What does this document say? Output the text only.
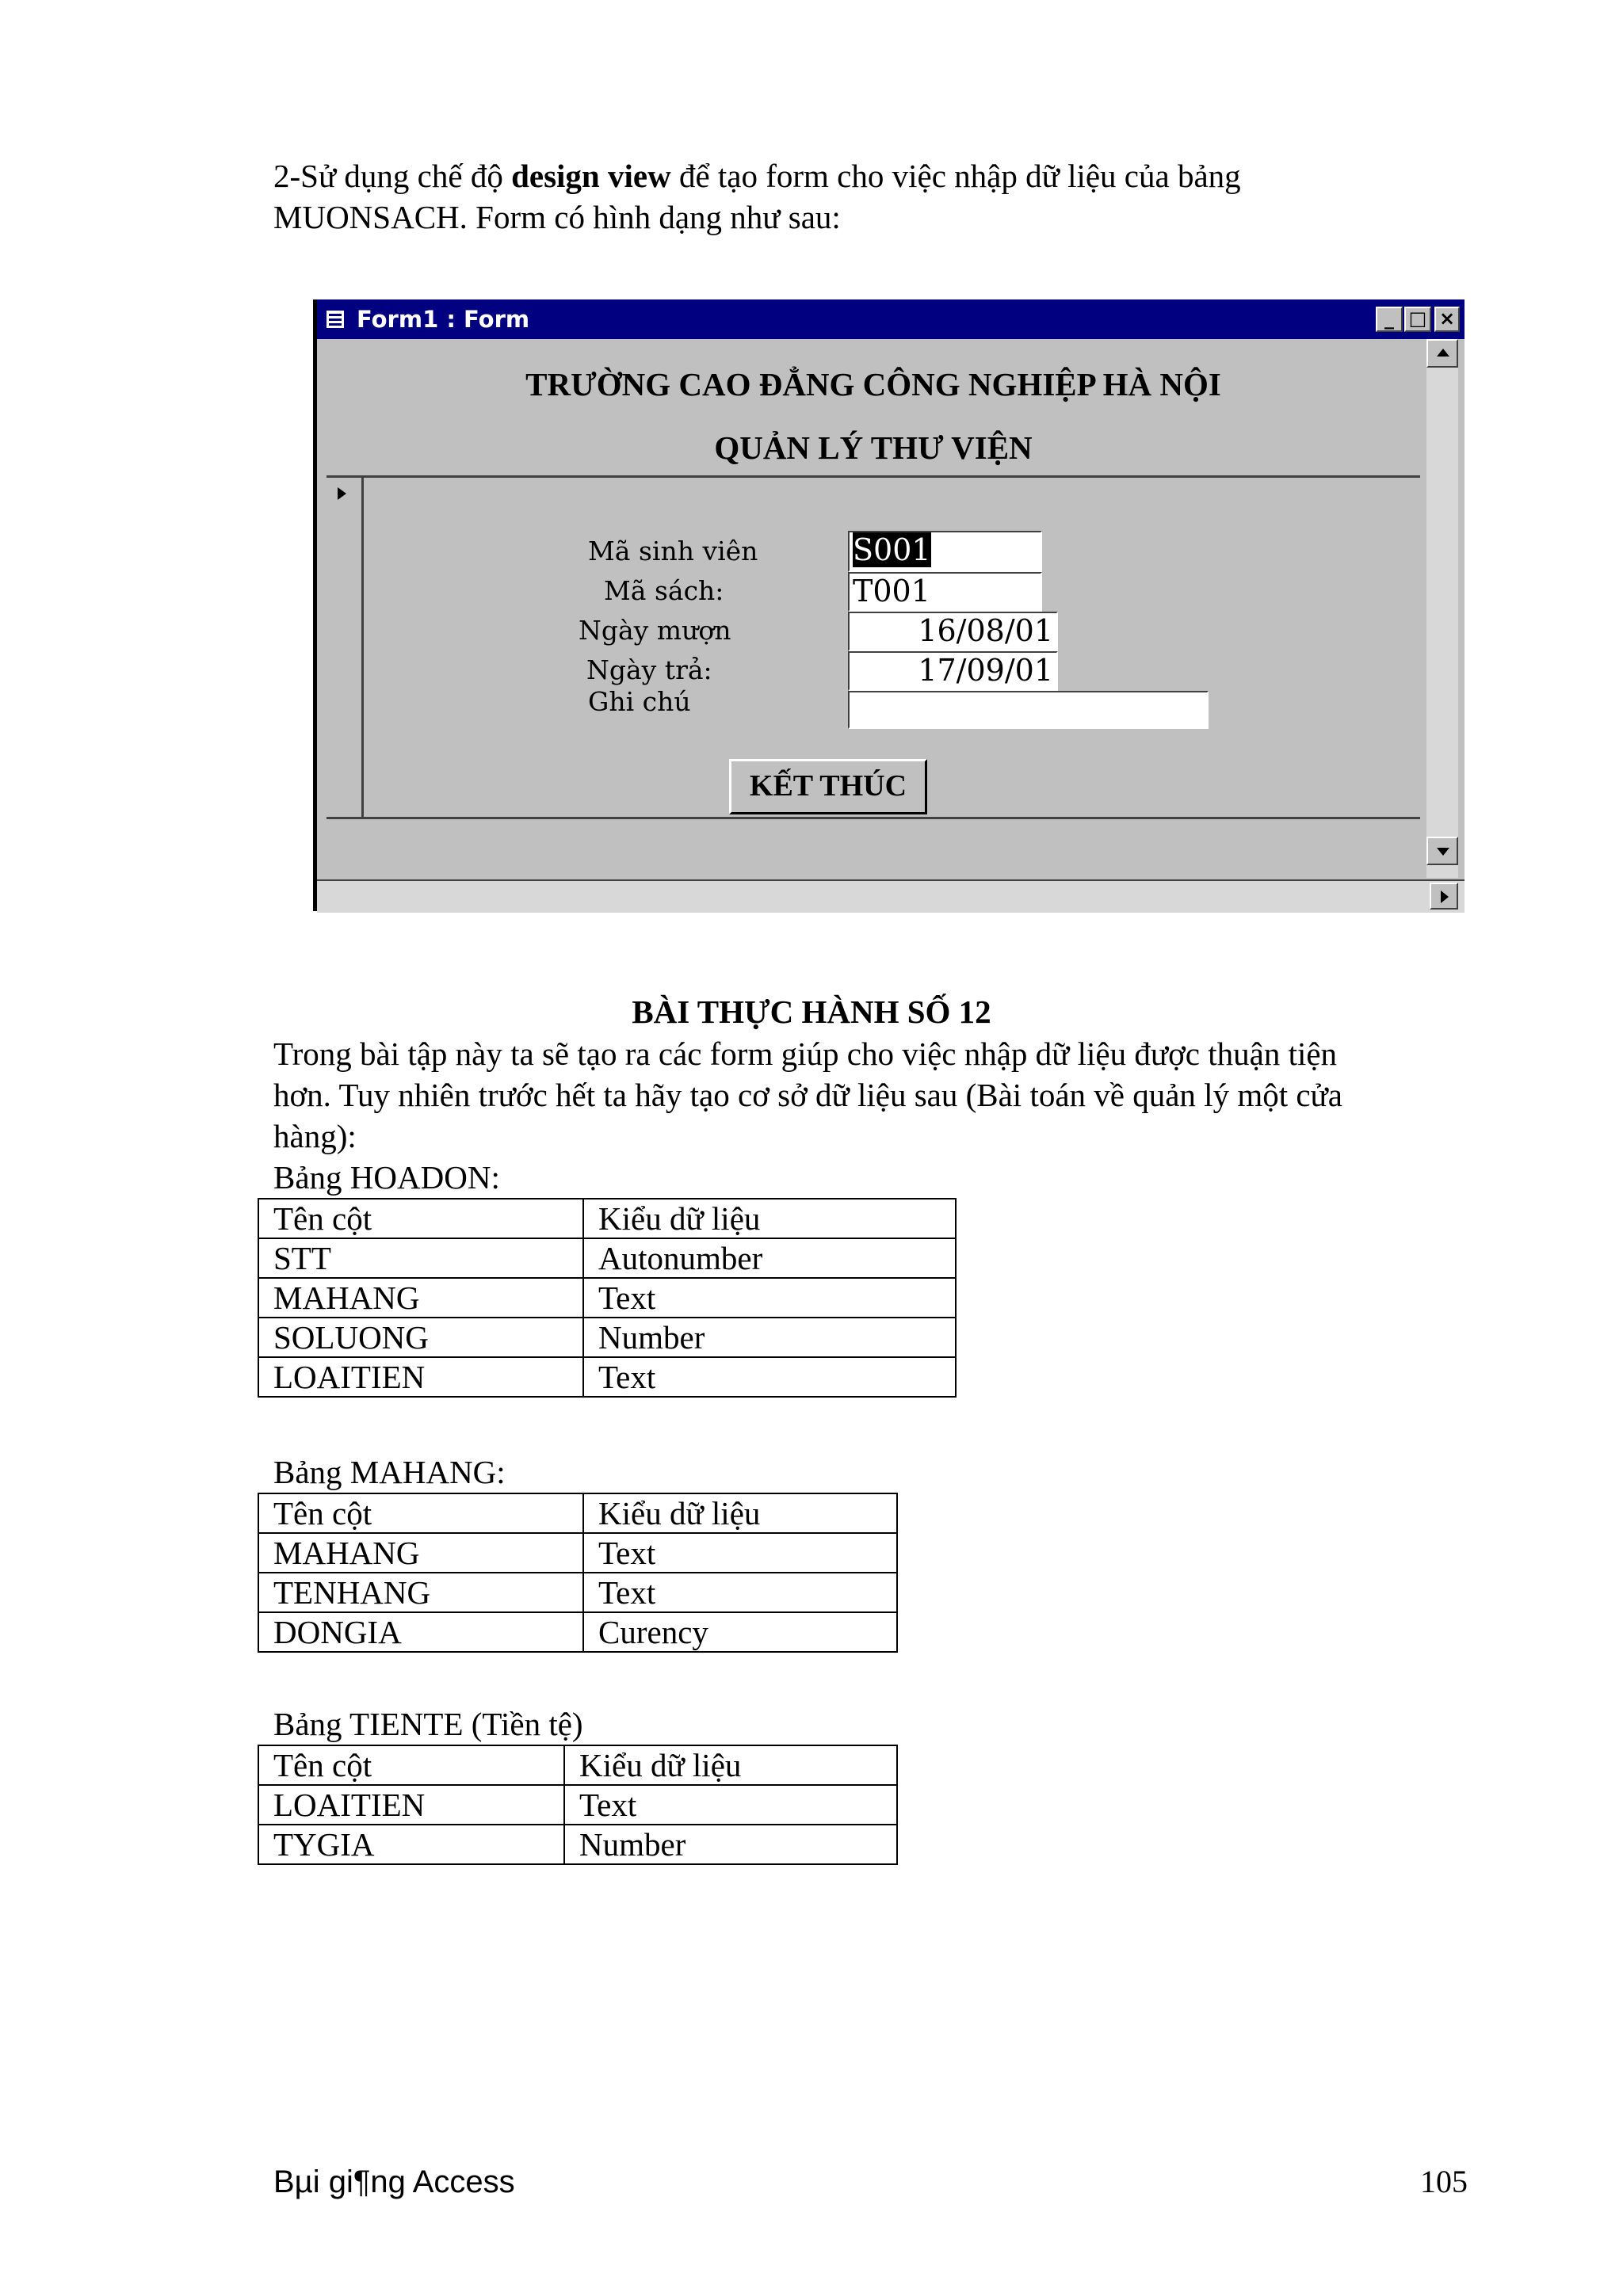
2-Sử dụng chế độ design view để tạo form cho việc nhập dữ liệu của bảng

MUONSACH. Form có hình dạng như sau:

Form1 : Form	_ □ ×
TRƯỜNG CAO ĐẲNG CÔNG NGHIỆP HÀ NỘI
QUẢN LÝ THƯ VIỆN
Mã sinh viên	S001
Mã sách:	T001
Ngày mượn	16/08/01
Ngày trả:	17/09/01
Ghi chú
KẾT THÚC
BÀI THỰC HÀNH SỐ 12

Trong bài tập này ta sẽ tạo ra các form giúp cho việc nhập dữ liệu được thuận tiện

hơn. Tuy nhiên trước hết ta hãy tạo cơ sở dữ liệu sau (Bài toán về quản lý một cửa

hàng):

Bảng HOADON:

Tên cột	Kiểu dữ liệu
STT	Autonumber
MAHANG	Text
SOLUONG	Number
LOAITIEN	Text

Bảng MAHANG:

Tên cột	Kiểu dữ liệu
MAHANG	Text
TENHANG	Text
DONGIA	Curency

Bảng TIENTE (Tiền tệ)

Tên cột	Kiểu dữ liệu
LOAITIEN	Text
TYGIA	Number
Bµi gi¶ng Access	105
